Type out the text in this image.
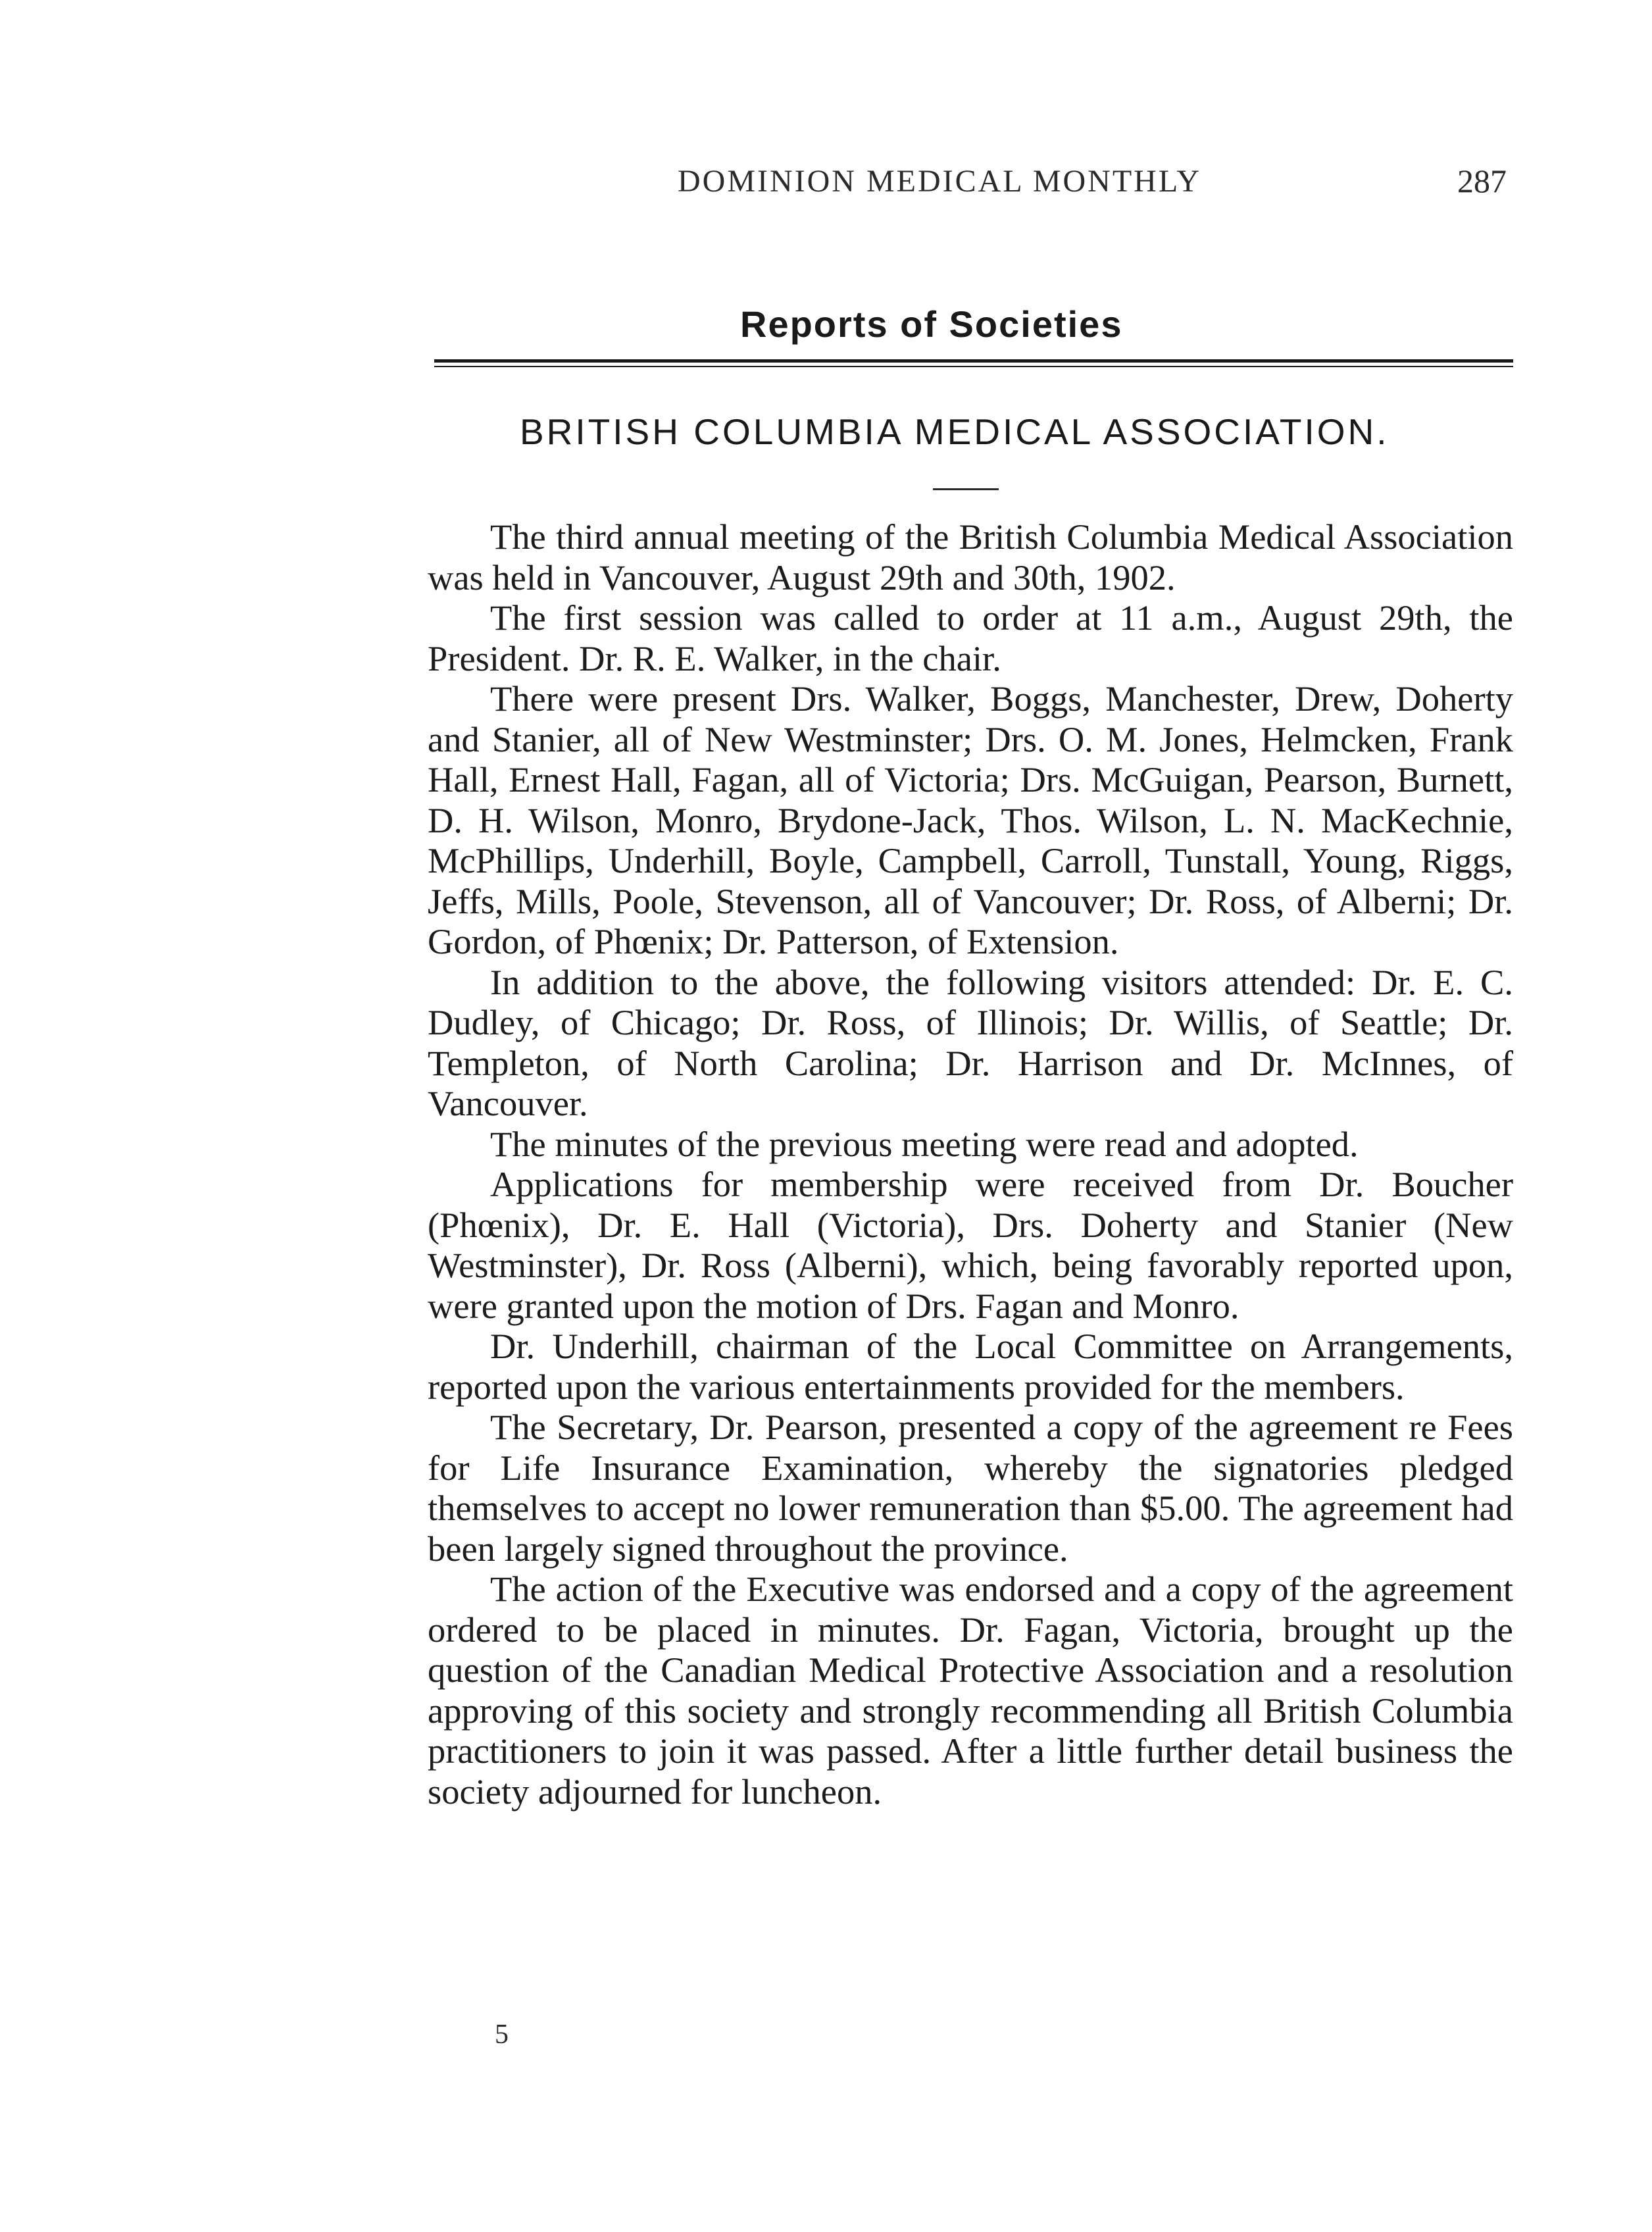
DOMINION MEDICAL MONTHLY	287
Reports of Societies
BRITISH COLUMBIA MEDICAL ASSOCIATION.

The third annual meeting of the British Columbia Medical Association was held in Vancouver, August 29th and 30th, 1902.

The first session was called to order at 11 a.m., August 29th, the President. Dr. R. E. Walker, in the chair.

There were present Drs. Walker, Boggs, Manchester, Drew, Doherty and Stanier, all of New Westminster; Drs. O. M. Jones, Helmcken, Frank Hall, Ernest Hall, Fagan, all of Victoria; Drs. McGuigan, Pearson, Burnett, D. H. Wilson, Monro, Brydone-Jack, Thos. Wilson, L. N. MacKechnie, McPhillips, Underhill, Boyle, Campbell, Carroll, Tunstall, Young, Riggs, Jeffs, Mills, Poole, Stevenson, all of Vancouver; Dr. Ross, of Alberni; Dr. Gordon, of Phœnix; Dr. Patterson, of Extension.

In addition to the above, the following visitors attended: Dr. E. C. Dudley, of Chicago; Dr. Ross, of Illinois; Dr. Willis, of Seattle; Dr. Templeton, of North Carolina; Dr. Harrison and Dr. McInnes, of Vancouver.

The minutes of the previous meeting were read and adopted.

Applications for membership were received from Dr. Boucher (Phœnix), Dr. E. Hall (Victoria), Drs. Doherty and Stanier (New Westminster), Dr. Ross (Alberni), which, being favorably reported upon, were granted upon the motion of Drs. Fagan and Monro.

Dr. Underhill, chairman of the Local Committee on Arrangements, reported upon the various entertainments provided for the members.

The Secretary, Dr. Pearson, presented a copy of the agreement re Fees for Life Insurance Examination, whereby the signatories pledged themselves to accept no lower remuneration than $5.00. The agreement had been largely signed throughout the province.

The action of the Executive was endorsed and a copy of the agreement ordered to be placed in minutes. Dr. Fagan, Victoria, brought up the question of the Canadian Medical Protective Association and a resolution approving of this society and strongly recommending all British Columbia practitioners to join it was passed. After a little further detail business the society adjourned for luncheon.

5
